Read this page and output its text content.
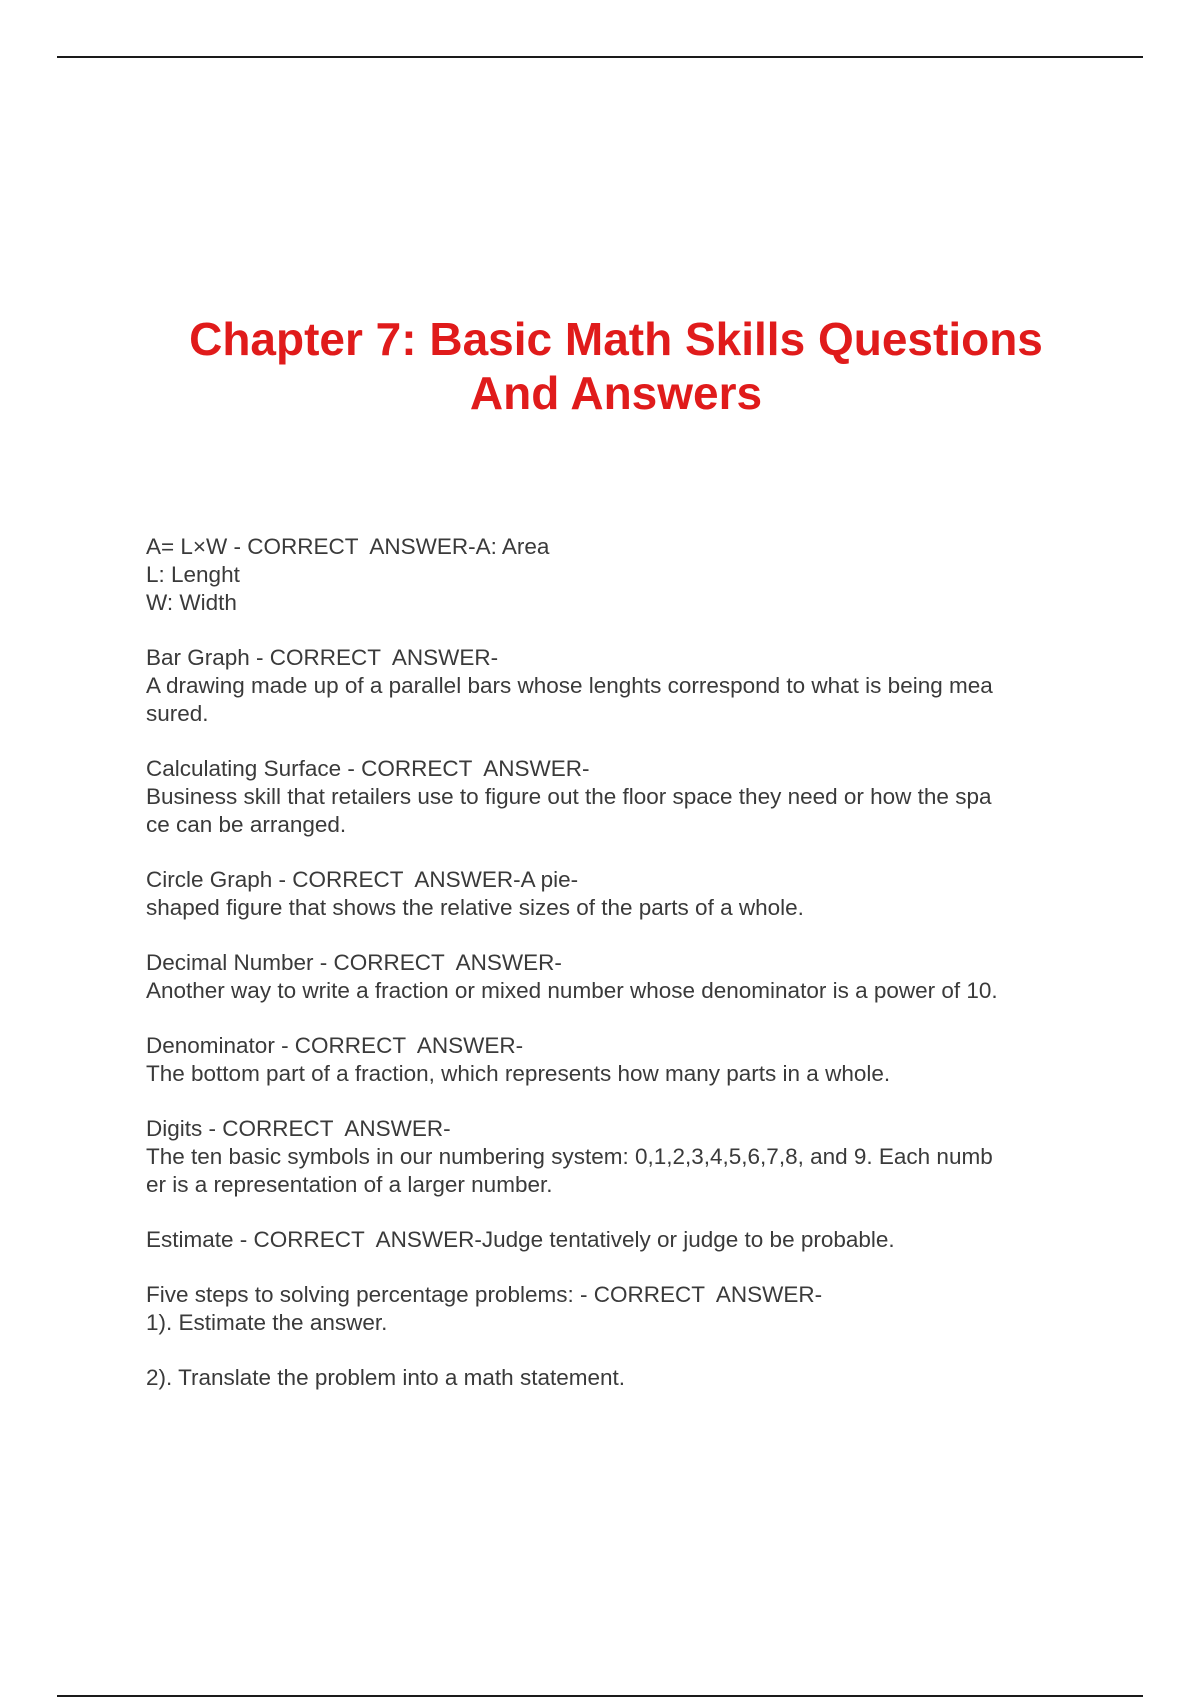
Chapter 7: Basic Math Skills Questions
And Answers
A= L×W - CORRECT  ANSWER-A: Area
L: Lenght
W: Width
Bar Graph - CORRECT  ANSWER-
A drawing made up of a parallel bars whose lenghts correspond to what is being mea
sured.
Calculating Surface - CORRECT  ANSWER-
Business skill that retailers use to figure out the floor space they need or how the spa
ce can be arranged.
Circle Graph - CORRECT  ANSWER-A pie-
shaped figure that shows the relative sizes of the parts of a whole.
Decimal Number - CORRECT  ANSWER-
Another way to write a fraction or mixed number whose denominator is a power of 10.
Denominator - CORRECT  ANSWER-
The bottom part of a fraction, which represents how many parts in a whole.
Digits - CORRECT  ANSWER-
The ten basic symbols in our numbering system: 0,1,2,3,4,5,6,7,8, and 9. Each numb
er is a representation of a larger number.
Estimate - CORRECT  ANSWER-Judge tentatively or judge to be probable.
Five steps to solving percentage problems: - CORRECT  ANSWER-
1). Estimate the answer.
2). Translate the problem into a math statement.
